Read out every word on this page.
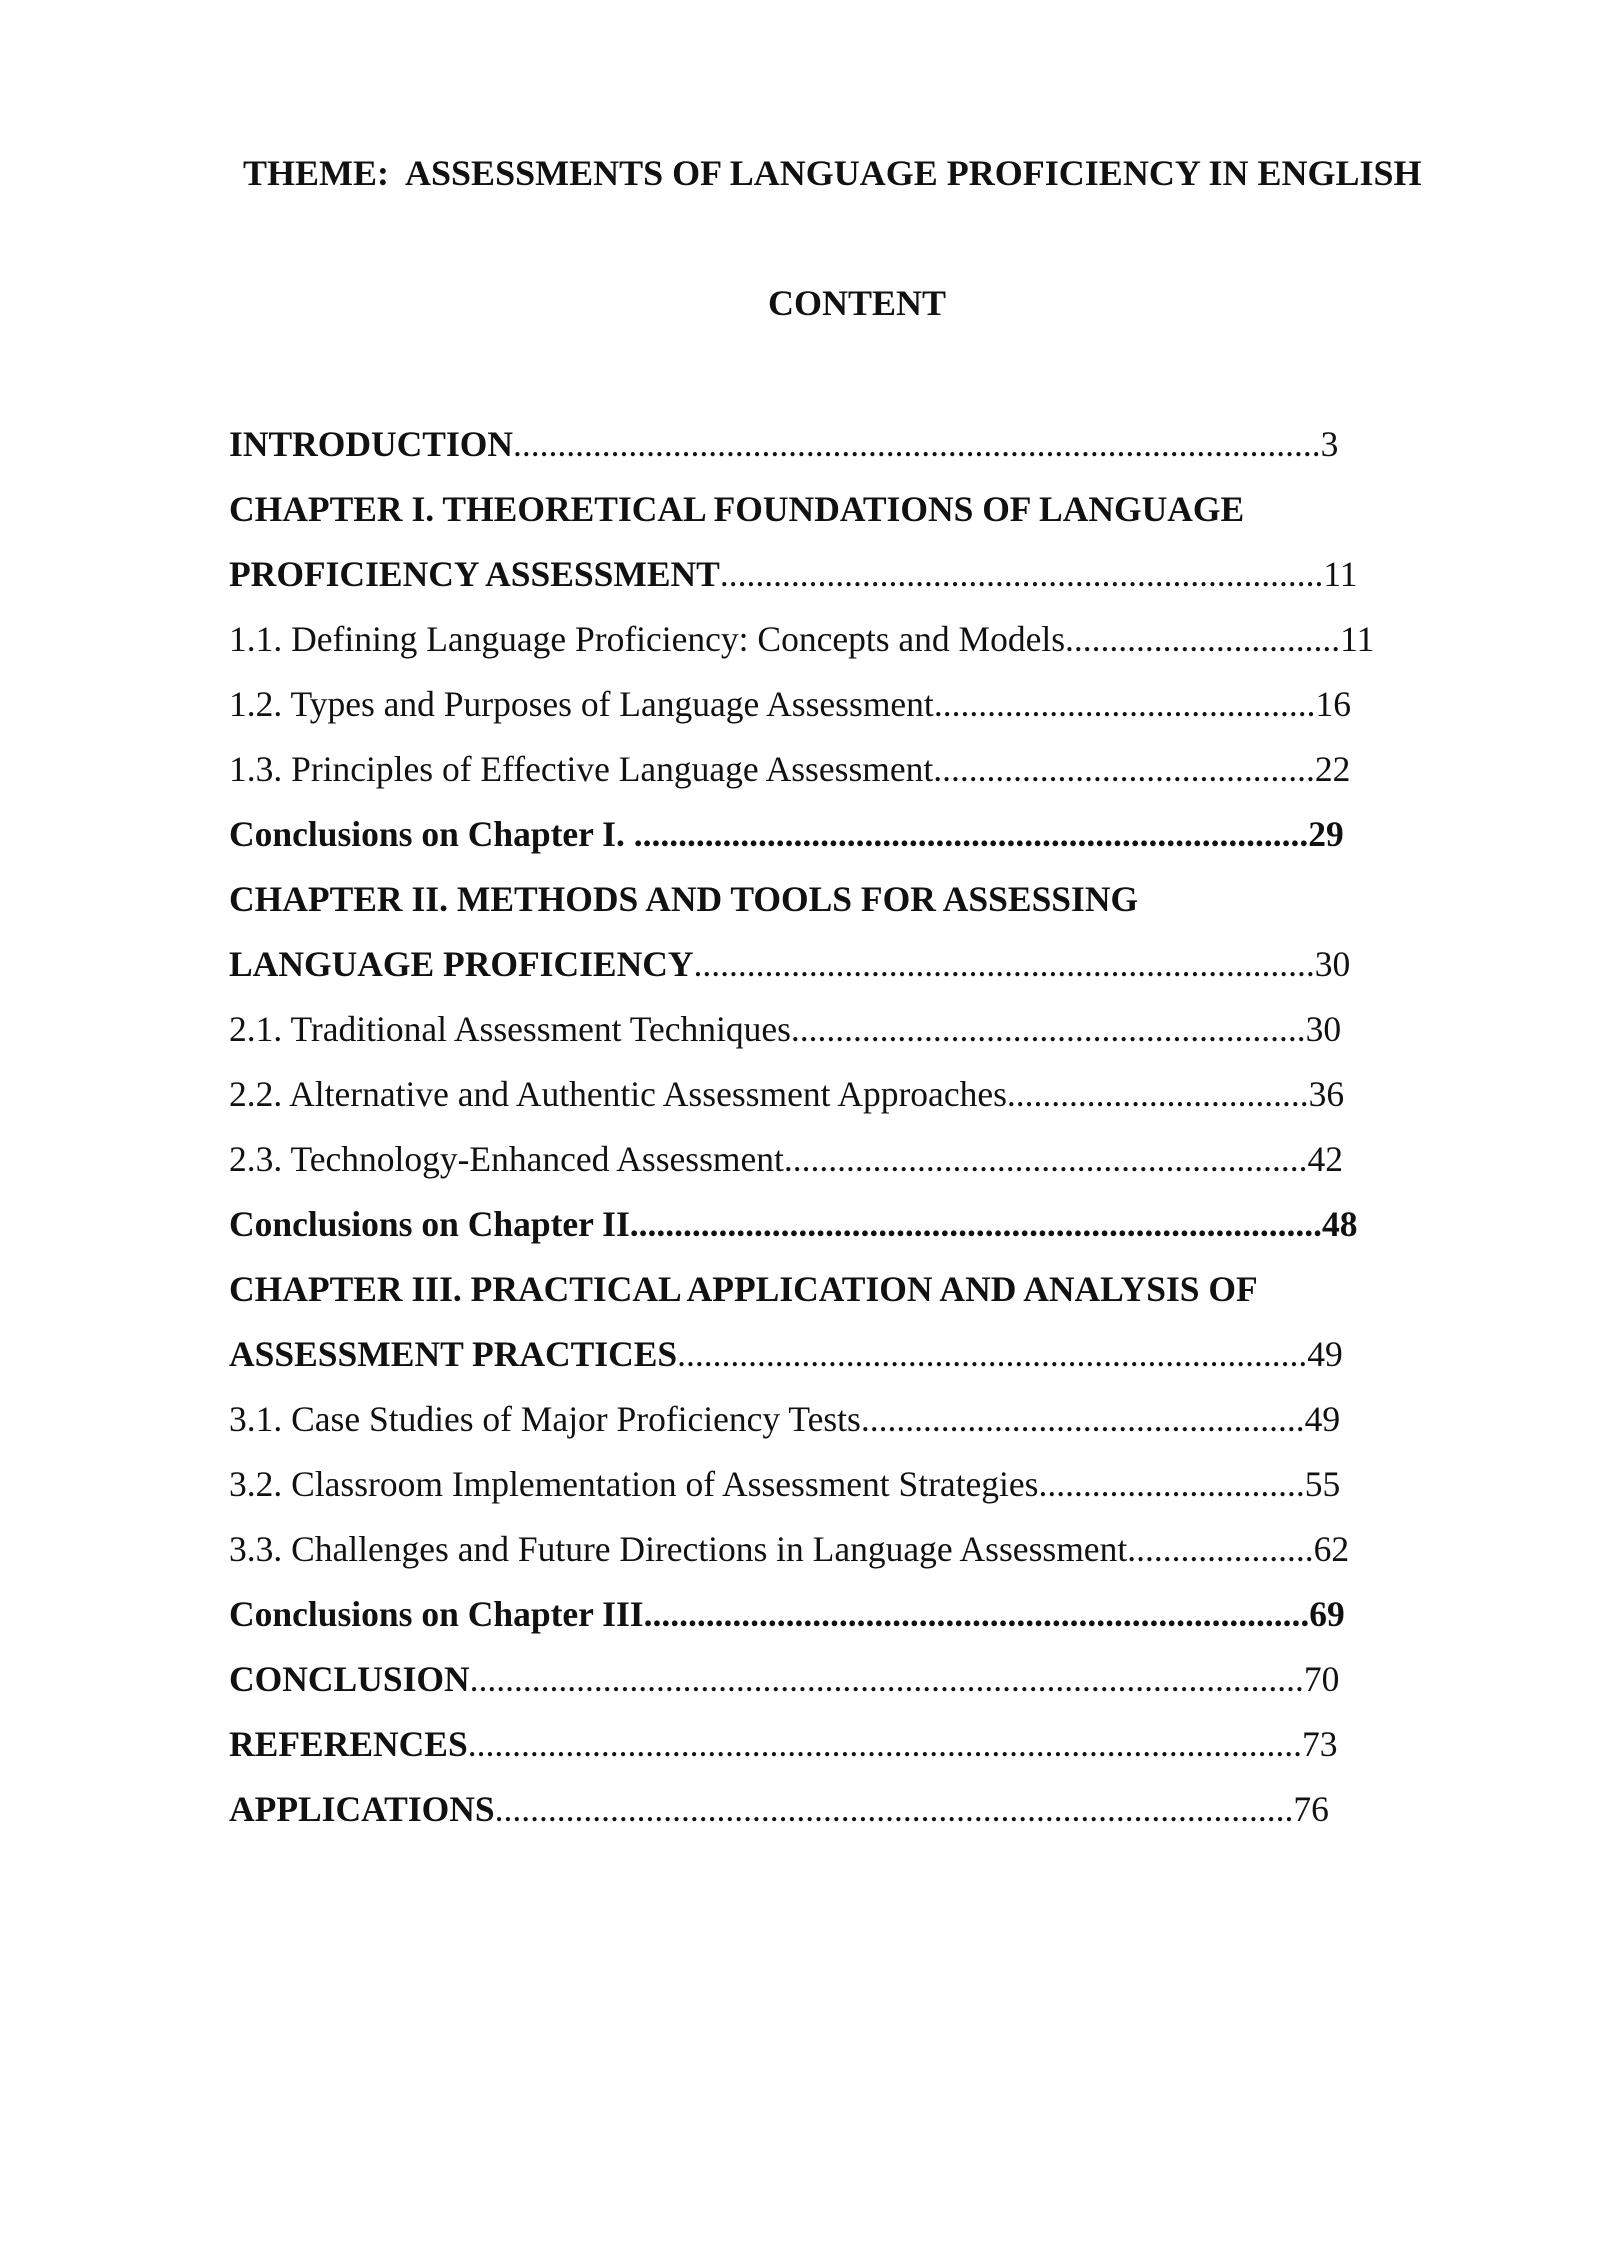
THEME:  ASSESSMENTS OF LANGUAGE PROFICIENCY IN ENGLISH
CONTENT
INTRODUCTION...........................................................................................3
CHAPTER I. THEORETICAL FOUNDATIONS OF LANGUAGE
PROFICIENCY ASSESSMENT....................................................................11
1.1. Defining Language Proficiency: Concepts and Models...............................11
1.2. Types and Purposes of Language Assessment...........................................16
1.3. Principles of Effective Language Assessment...........................................22
Conclusions on Chapter I. ............................................................................29
CHAPTER II. METHODS AND TOOLS FOR ASSESSING
LANGUAGE PROFICIENCY......................................................................30
2.1. Traditional Assessment Techniques..........................................................30
2.2. Alternative and Authentic Assessment Approaches..................................36
2.3. Technology-Enhanced Assessment...........................................................42
Conclusions on Chapter II..............................................................................48
CHAPTER III. PRACTICAL APPLICATION AND ANALYSIS OF
ASSESSMENT PRACTICES.......................................................................49
3.1. Case Studies of Major Proficiency Tests..................................................49
3.2. Classroom Implementation of Assessment Strategies..............................55
3.3. Challenges and Future Directions in Language Assessment.....................62
Conclusions on Chapter III...........................................................................69
CONCLUSION..............................................................................................70
REFERENCES..............................................................................................73
APPLICATIONS..........................................................................................76
